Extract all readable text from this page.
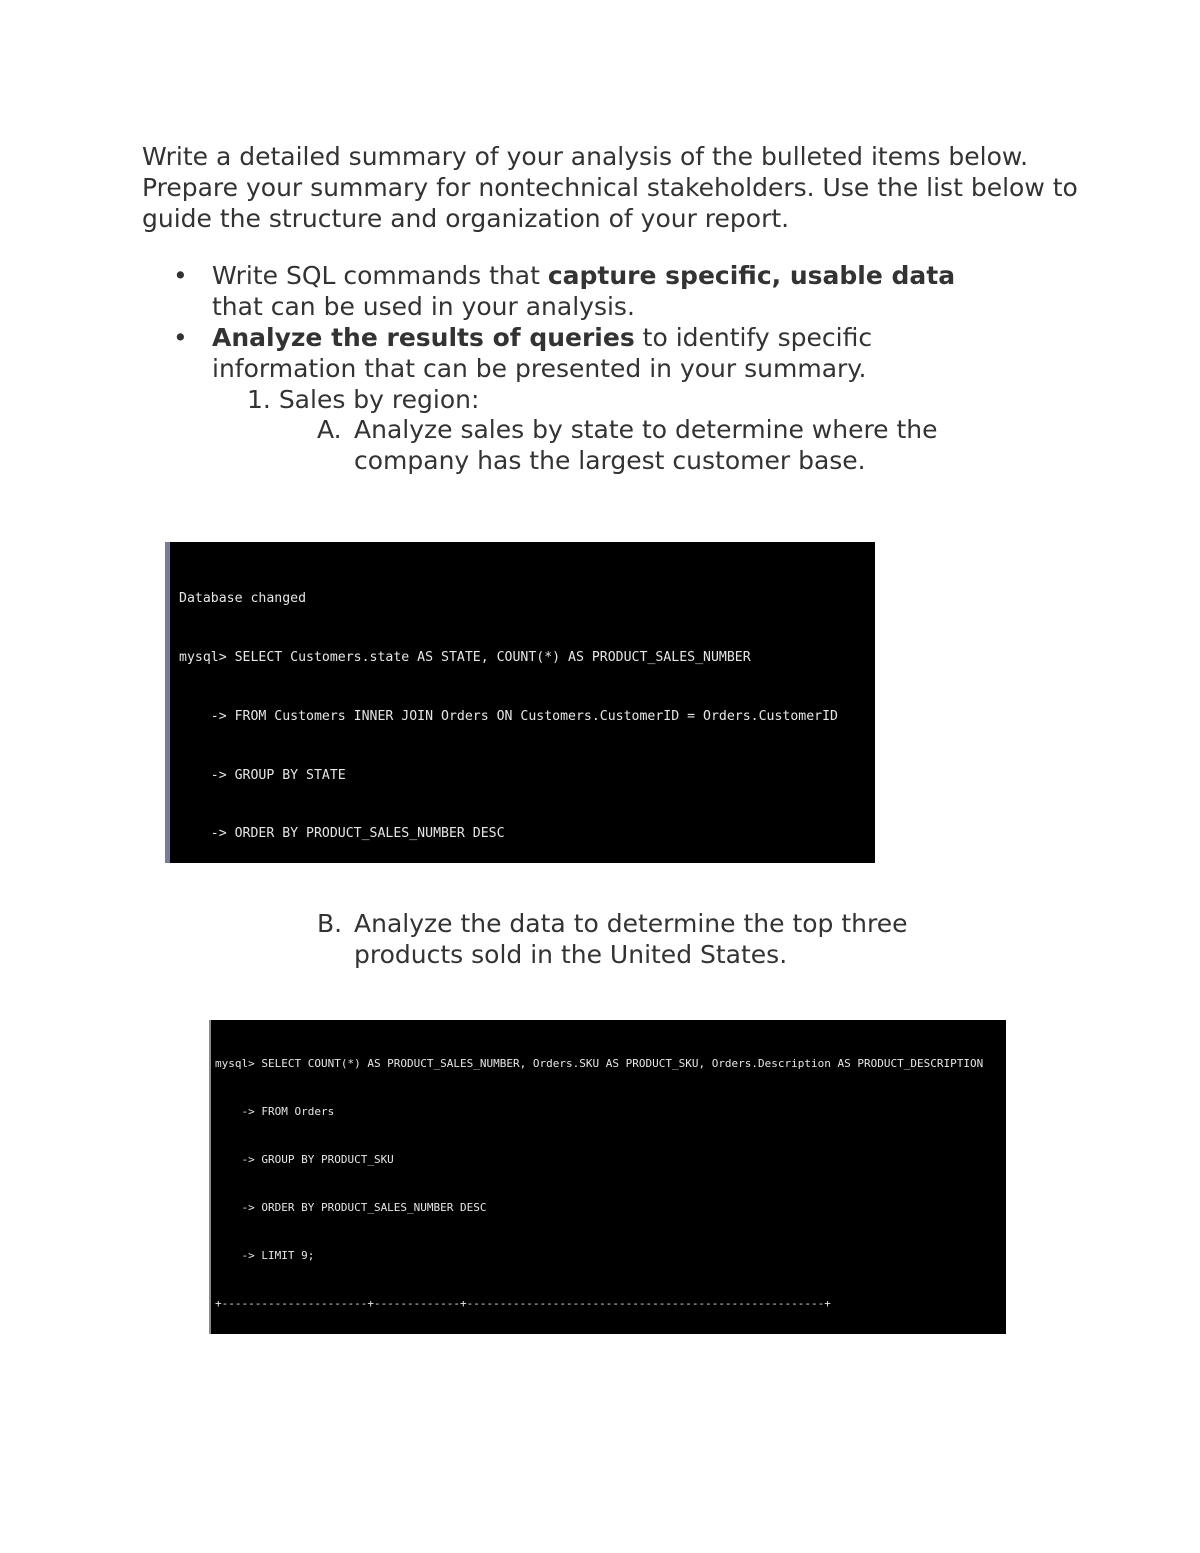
Write a detailed summary of your analysis of the bulleted items below. Prepare your summary for nontechnical stakeholders. Use the list below to guide the structure and organization of your report.

• Write SQL commands that capture specific, usable data that can be used in your analysis.
• Analyze the results of queries to identify specific information that can be presented in your summary.
1. Sales by region:
A. Analyze sales by state to determine where the company has the largest customer base.

Database changed

mysql> SELECT Customers.state AS STATE, COUNT(*) AS PRODUCT_SALES_NUMBER

-> FROM Customers INNER JOIN Orders ON Customers.CustomerID = Orders.CustomerID

-> GROUP BY STATE

-> ORDER BY PRODUCT_SALES_NUMBER DESC

B. Analyze the data to determine the top three products sold in the United States.

mysql> SELECT COUNT(*) AS PRODUCT_SALES_NUMBER, Orders.SKU AS PRODUCT_SKU, Orders.Description AS PRODUCT_DESCRIPTION

-> FROM Orders

-> GROUP BY PRODUCT_SKU

-> ORDER BY PRODUCT_SALES_NUMBER DESC

-> LIMIT 9;

+----------------------+-------------+------------------------------------------------------+
